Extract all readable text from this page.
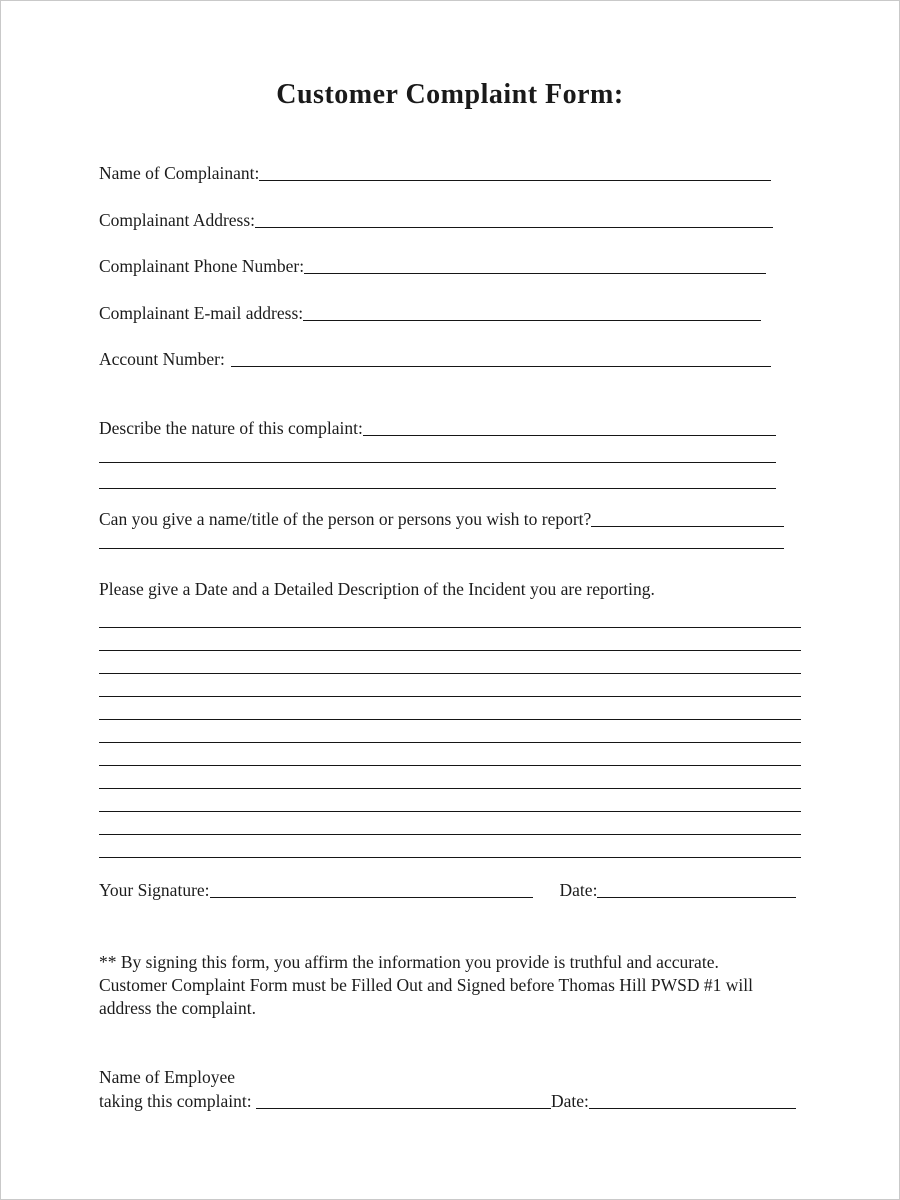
Customer Complaint Form:
Name of Complainant:
Complainant Address:
Complainant Phone Number:
Complainant E-mail address:
Account Number:
Describe the nature of this complaint:
Can you give a name/title of the person or persons you wish to report?
Please give a Date and a Detailed Description of the Incident you are reporting.
Your Signature:	Date:
** By signing this form, you affirm the information you provide is truthful and accurate.
Customer Complaint Form must be Filled Out and Signed before Thomas Hill PWSD #1 will
address the complaint.
Name of Employee
taking this complaint:	Date:
